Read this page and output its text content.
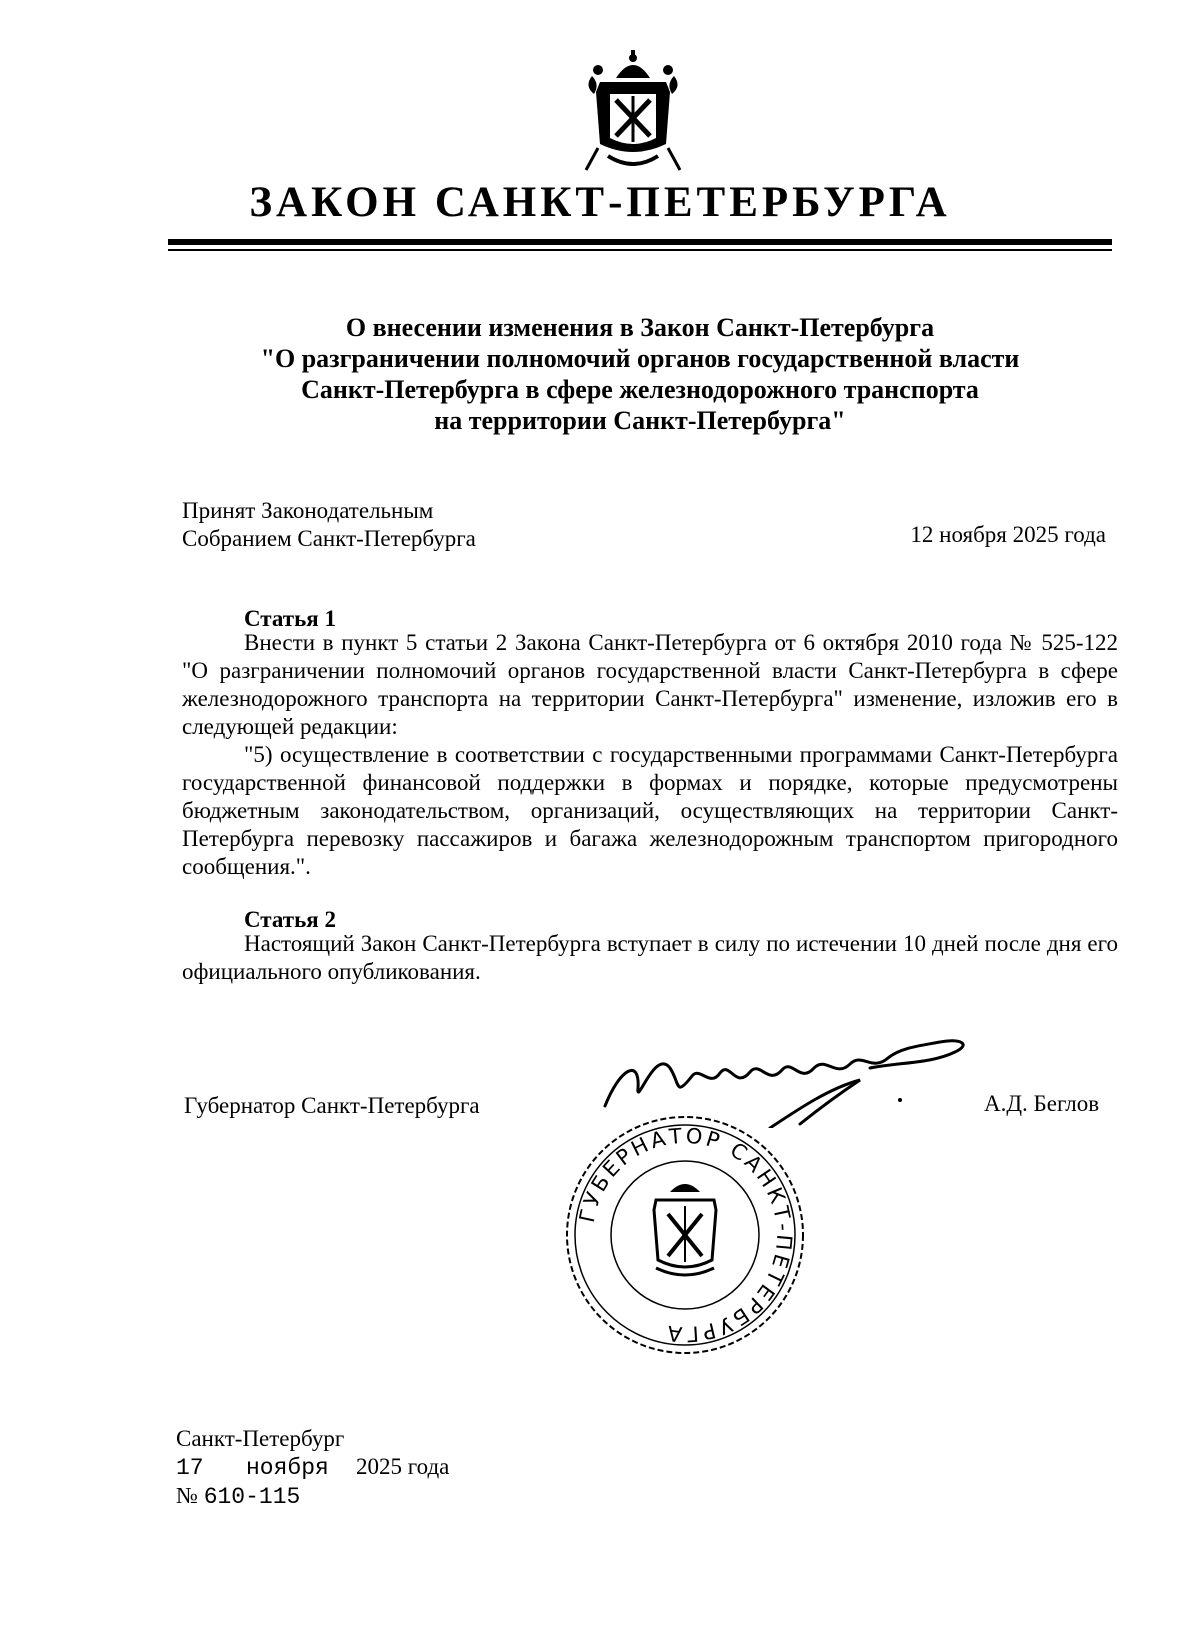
ЗАКОН САНКТ-ПЕТЕРБУРГА
О внесении изменения в Закон Санкт-Петербурга
"О разграничении полномочий органов государственной власти
Санкт-Петербурга в сфере железнодорожного транспорта
на территории Санкт-Петербурга"
Принят Законодательным
Собранием Санкт-Петербурга	12 ноября 2025 года
Статья 1

Внести в пункт 5 статьи 2 Закона Санкт-Петербурга от 6 октября 2010 года № 525-122 "О разграничении полномочий органов государственной власти Санкт-Петербурга в сфере железнодорожного транспорта на территории Санкт-Петербурга" изменение, изложив его в следующей редакции:

"5) осуществление в соответствии с государственными программами Санкт-Петербурга государственной финансовой поддержки в формах и порядке, которые предусмотрены бюджетным законодательством, организаций, осуществляющих на территории Санкт-Петербурга перевозку пассажиров и багажа железнодорожным транспортом пригородного сообщения.".

Статья 2

Настоящий Закон Санкт-Петербурга вступает в силу по истечении 10 дней после дня его официального опубликования.

Губернатор Санкт-Петербурга	А.Д. Беглов
ГУБЕРНАТОР САНКТ-ПЕТЕРБУРГА
Санкт-Петербург
17 ноября 2025 года
№ 610-115
